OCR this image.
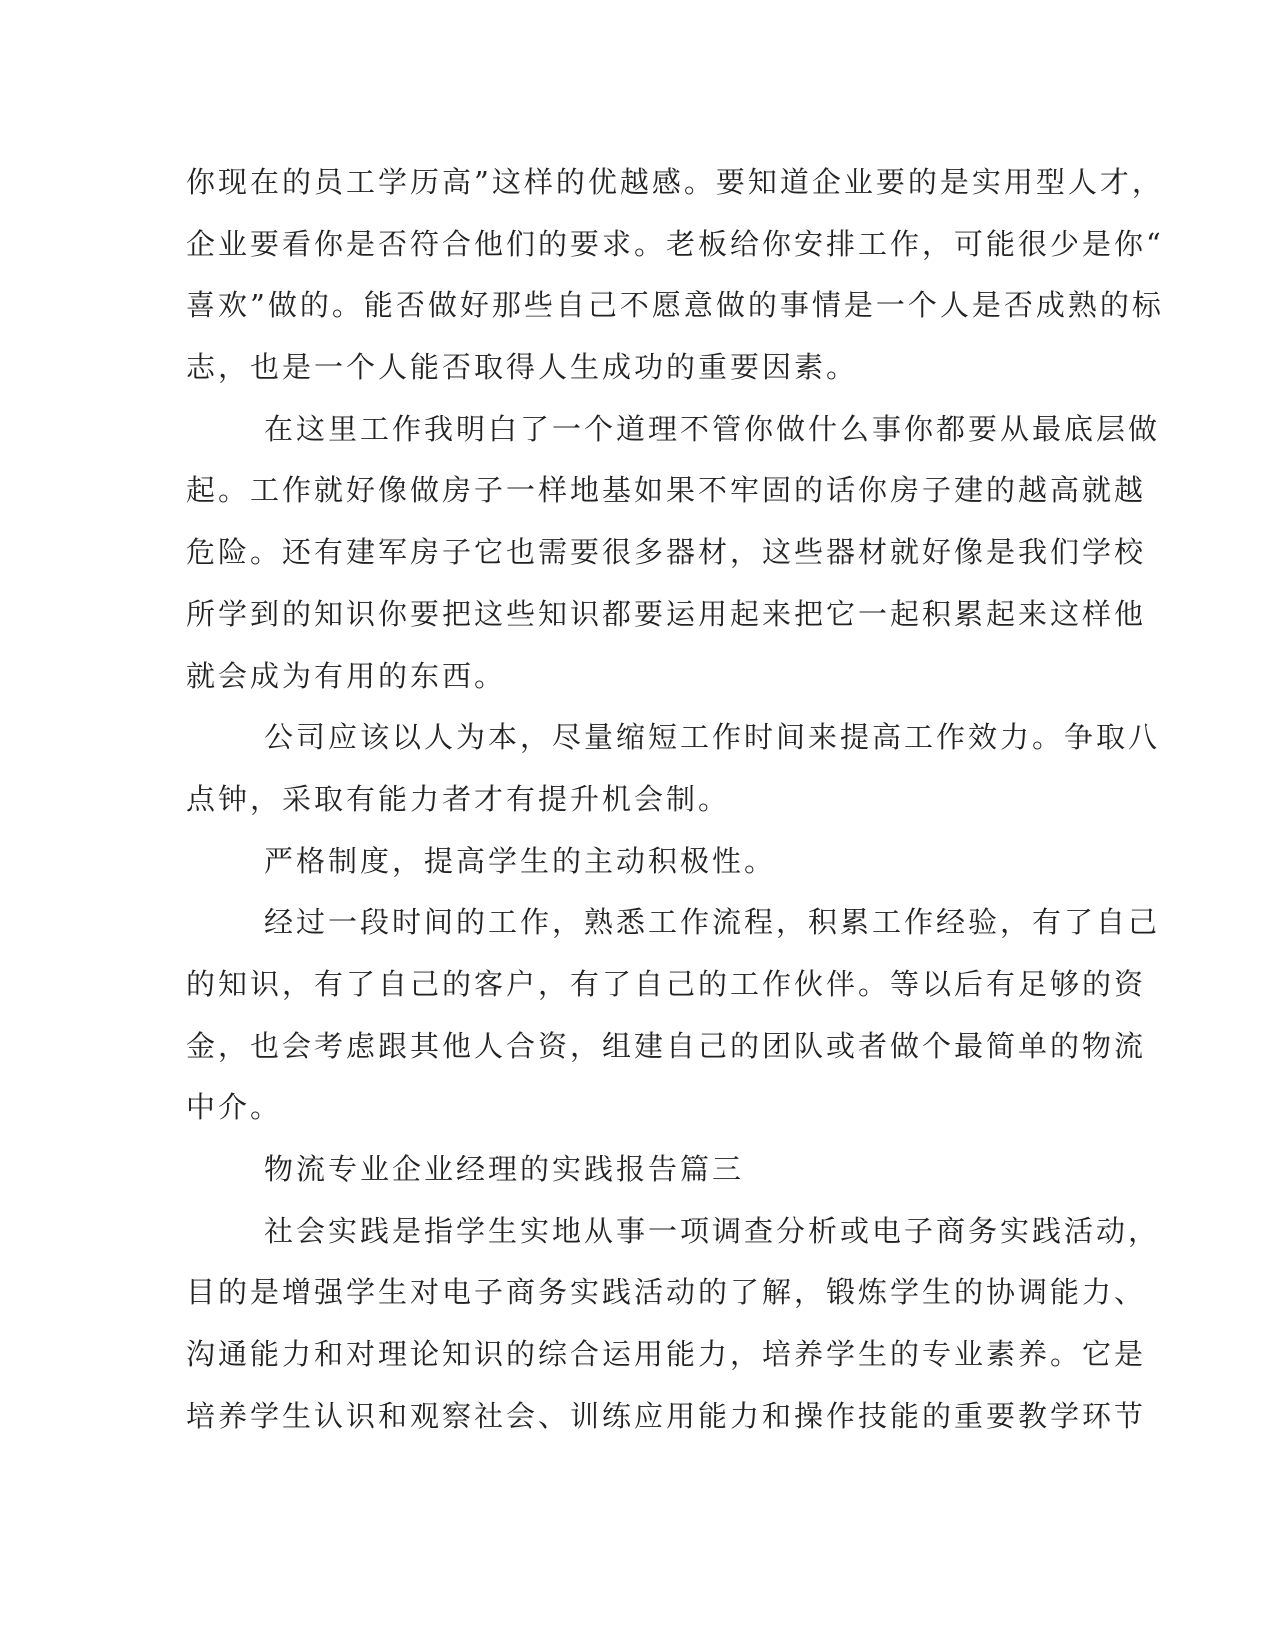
你现在的员工学历高”这样的优越感。要知道企业要的是实用型人才，
企业要看你是否符合他们的要求。老板给你安排工作，可能很少是你“
喜欢”做的。能否做好那些自己不愿意做的事情是一个人是否成熟的标
志，也是一个人能否取得人生成功的重要因素。
在这里工作我明白了一个道理不管你做什么事你都要从最底层做
起。工作就好像做房子一样地基如果不牢固的话你房子建的越高就越
危险。还有建军房子它也需要很多器材，这些器材就好像是我们学校
所学到的知识你要把这些知识都要运用起来把它一起积累起来这样他
就会成为有用的东西。
公司应该以人为本，尽量缩短工作时间来提高工作效力。争取八
点钟，采取有能力者才有提升机会制。
严格制度，提高学生的主动积极性。
经过一段时间的工作，熟悉工作流程，积累工作经验，有了自己
的知识，有了自己的客户，有了自己的工作伙伴。等以后有足够的资
金，也会考虑跟其他人合资，组建自己的团队或者做个最简单的物流
中介。
物流专业企业经理的实践报告篇三
社会实践是指学生实地从事一项调查分析或电子商务实践活动，
目的是增强学生对电子商务实践活动的了解，锻炼学生的协调能力、
沟通能力和对理论知识的综合运用能力，培养学生的专业素养。它是
培养学生认识和观察社会、训练应用能力和操作技能的重要教学环节
